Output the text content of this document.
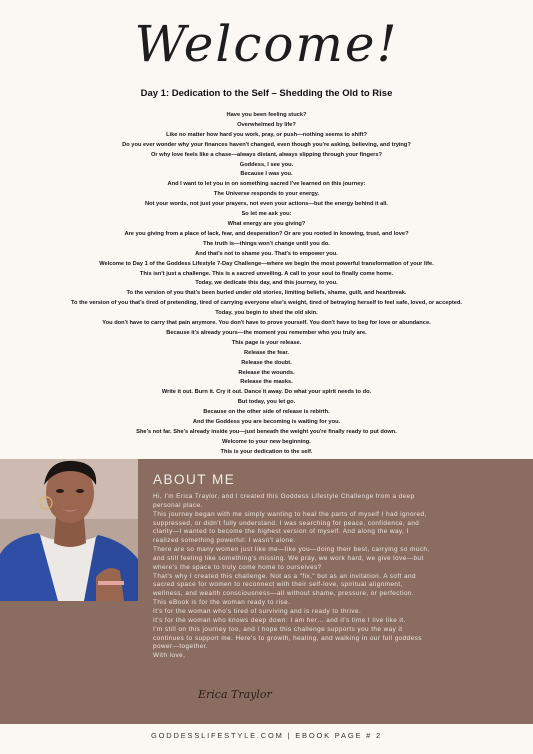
Welcome!
Day 1: Dedication to the Self – Shedding the Old to Rise
Have you been feeling stuck?
Overwhelmed by life?
Like no matter how hard you work, pray, or push—nothing seems to shift?
Do you ever wonder why your finances haven't changed, even though you're asking, believing, and trying?
Or why love feels like a chase—always distant, always slipping through your fingers?
Goddess, I see you.
Because I was you.
And I want to let you in on something sacred I've learned on this journey:
The Universe responds to your energy.
Not your words, not just your prayers, not even your actions—but the energy behind it all.
So let me ask you:
What energy are you giving?
Are you giving from a place of lack, fear, and desperation? Or are you rooted in knowing, trust, and love?
The truth is—things won't change until you do.
And that's not to shame you. That's to empower you.
Welcome to Day 1 of the Goddess Lifestyle 7-Day Challenge—where we begin the most powerful transformation of your life.
This isn't just a challenge. This is a sacred unveiling. A call to your soul to finally come home.
Today, we dedicate this day, and this journey, to you.
To the version of you that's been buried under old stories, limiting beliefs, shame, guilt, and heartbreak.
To the version of you that's tired of pretending, tired of carrying everyone else's weight, tired of betraying herself to feel safe, loved, or accepted.
Today, you begin to shed the old skin.
You don't have to carry that pain anymore. You don't have to prove yourself. You don't have to beg for love or abundance.
Because it's already yours—the moment you remember who you truly are.
This page is your release.
Release the fear.
Release the doubt.
Release the wounds.
Release the masks.
Write it out. Burn it. Cry it out. Dance it away. Do what your spirit needs to do.
But today, you let go.
Because on the other side of release is rebirth.
And the Goddess you are becoming is waiting for you.
She's not far. She's already inside you—just beneath the weight you're finally ready to put down.
Welcome to your new beginning.
This is your dedication to the self.
ABOUT ME
Hi, I'm Erica Traylor, and I created this Goddess Lifestyle Challenge from a deep
personal place.
This journey began with me simply wanting to heal the parts of myself I had ignored,
suppressed, or didn't fully understand. I was searching for peace, confidence, and
clarity—I wanted to become the highest version of myself. And along the way, I
realized something powerful: I wasn't alone.
There are so many women just like me—like you—doing their best, carrying so much,
and still feeling like something's missing. We pray, we work hard, we give love—but
where's the space to truly come home to ourselves?
That's why I created this challenge. Not as a "fix," but as an invitation. A soft and
sacred space for women to reconnect with their self-love, spiritual alignment,
wellness, and wealth consciousness—all without shame, pressure, or perfection.
This eBook is for the woman ready to rise.
It's for the woman who's tired of surviving and is ready to thrive.
It's for the woman who knows deep down: I am her… and it's time I live like it.
I'm still on this journey too, and I hope this challenge supports you the way it
continues to support me. Here's to growth, healing, and walking in our full goddess
power—together.
With love,
Erica Traylor
GODDESSLIFESTYLE.COM | EBOOK PAGE # 2
